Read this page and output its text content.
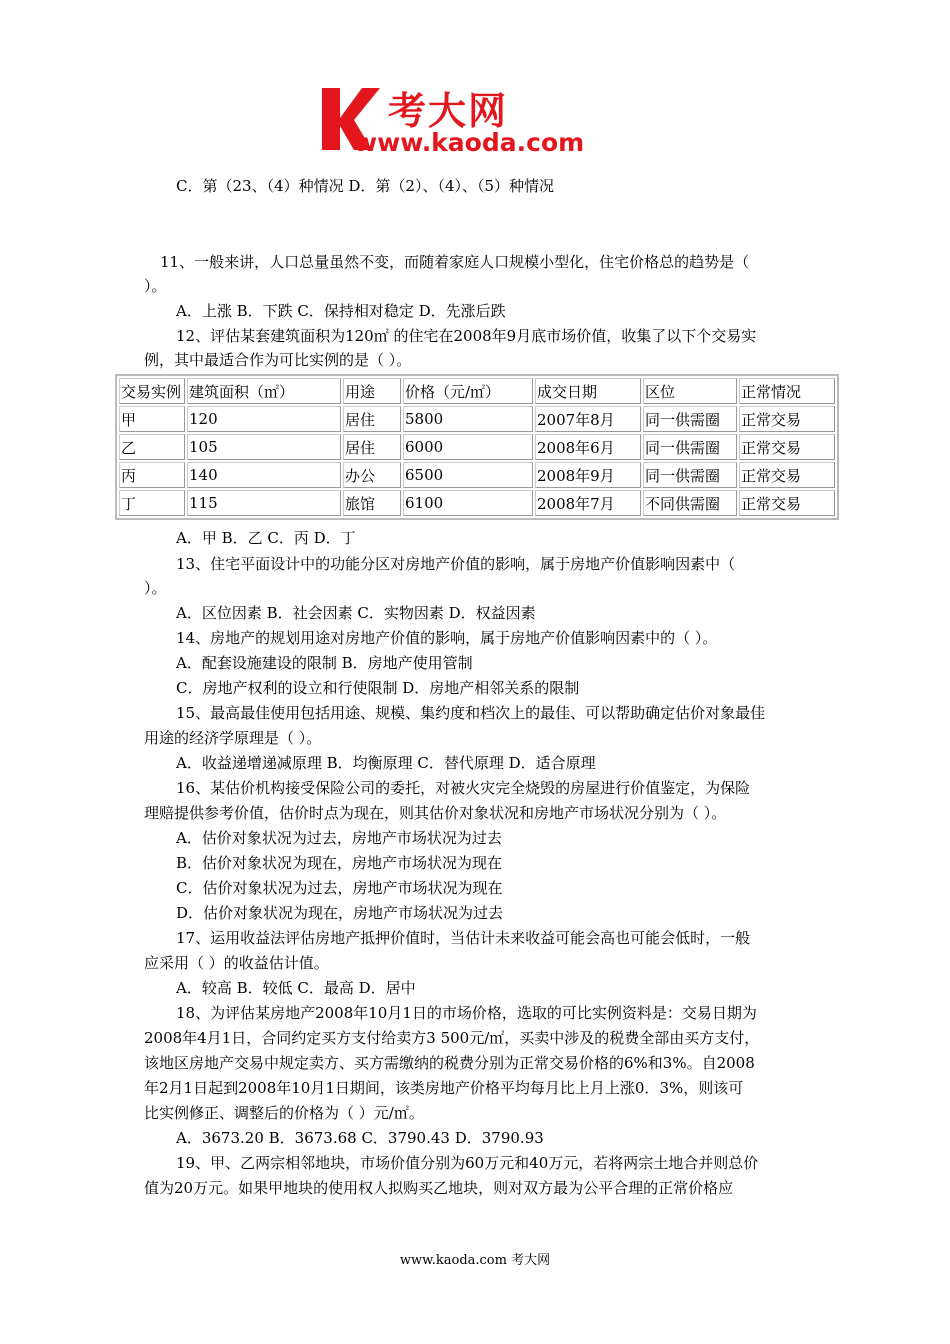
考大网
www.kaoda.com
C．第（23、（4）种情况 D．第（2）、（4）、（5）种情况
11、一般来讲，人口总量虽然不变，而随着家庭人口规模小型化，住宅价格总的趋势是（
）。
A．上涨 B．下跌 C．保持相对稳定 D．先涨后跌
12、评估某套建筑面积为120㎡ 的住宅在2008年9月底市场价值，收集了以下个交易实
例，其中最适合作为可比实例的是（ ）。
交易实例	建筑面积（㎡）	用途	价格（元/㎡）	成交日期	区位	正常情况
甲	120	居住	5800	2007年8月	同一供需圈	正常交易
乙	105	居住	6000	2008年6月	同一供需圈	正常交易
丙	140	办公	6500	2008年9月	同一供需圈	正常交易
丁	115	旅馆	6100	2008年7月	不同供需圈	正常交易
A．甲 B．乙 C．丙 D．丁
13、住宅平面设计中的功能分区对房地产价值的影响，属于房地产价值影响因素中（
）。
A．区位因素 B．社会因素 C．实物因素 D．权益因素
14、房地产的规划用途对房地产价值的影响，属于房地产价值影响因素中的（ ）。
A．配套设施建设的限制 B．房地产使用管制
C．房地产权利的设立和行使限制 D．房地产相邻关系的限制
15、最高最佳使用包括用途、规模、集约度和档次上的最佳、可以帮助确定估价对象最佳
用途的经济学原理是（ ）。
A．收益递增递减原理 B．均衡原理 C．替代原理 D．适合原理
16、某估价机构接受保险公司的委托，对被火灾完全烧毁的房屋进行价值鉴定，为保险
理赔提供参考价值，估价时点为现在，则其估价对象状况和房地产市场状况分别为（ ）。
A．估价对象状况为过去，房地产市场状况为过去
B．估价对象状况为现在，房地产市场状况为现在
C．估价对象状况为过去，房地产市场状况为现在
D．估价对象状况为现在，房地产市场状况为过去
17、运用收益法评估房地产抵押价值时，当估计未来收益可能会高也可能会低时，一般
应采用（ ）的收益估计值。
A．较高 B．较低 C．最高 D．居中
18、为评估某房地产2008年10月1日的市场价格，选取的可比实例资料是：交易日期为
2008年4月1日，合同约定买方支付给卖方3 500元/㎡，买卖中涉及的税费全部由买方支付，
该地区房地产交易中规定卖方、买方需缴纳的税费分别为正常交易价格的6%和3%。自2008
年2月1日起到2008年10月1日期间，该类房地产价格平均每月比上月上涨0．3%，则该可
比实例修正、调整后的价格为（ ）元/㎡。
A．3673.20 B．3673.68 C．3790.43 D．3790.93
19、甲、乙两宗相邻地块，市场价值分别为60万元和40万元，若将两宗土地合并则总价
值为20万元。如果甲地块的使用权人拟购买乙地块，则对双方最为公平合理的正常价格应
www.kaoda.com 考大网
